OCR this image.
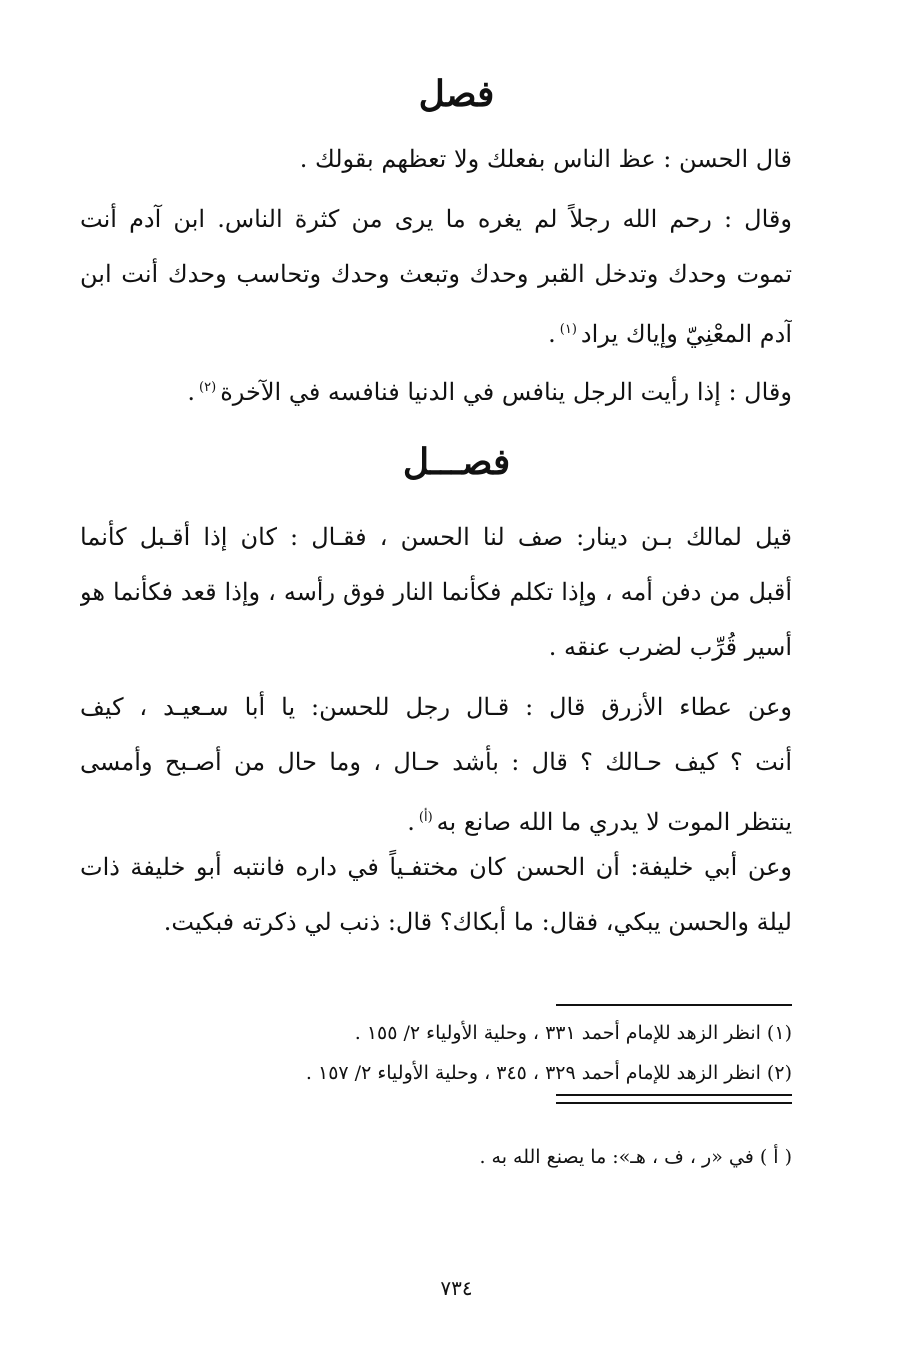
فصل

قال الحسن : عظ الناس بفعلك ولا تعظهم بقولك .

وقال : رحم الله رجلاً لم يغره ما يرى من كثرة الناس. ابن آدم أنت
تموت وحدك وتدخل القبر وحدك وتبعث وحدك وتحاسب وحدك أنت ابن
آدم المعْنِيّ وإياك يراد$^{(١)}$.

وقال : إذا رأيت الرجل ينافس في الدنيا فنافسه في الآخرة$^{(٢)}$.

فصـــل

قيل لمالك بـن دينار: صف لنا الحسن ، فقـال : كان إذا أقـبل كأنما
أقبل من دفن أمه ، وإذا تكلم فكأنما النار فوق رأسه ، وإذا قعد فكأنما هو
أسير قُرِّب لضرب عنقه .

وعن عطاء الأزرق قال : قـال رجل للحسن: يا أبا سـعيـد ، كيف
أنت ؟ كيف حـالك ؟ قال : بأشد حـال ، وما حال من أصـبح وأمسى
ينتظر الموت لا يدري ما الله صانع به$^{(أ)}$.

وعن أبي خليفة: أن الحسن كان مختفـياً في داره فانتبه أبو خليفة ذات
ليلة والحسن يبكي، فقال: ما أبكاك؟ قال: ذنب لي ذكرته فبكيت.

(١) انظر الزهد للإمام أحمد ٣٣١ ، وحلية الأولياء ٢/ ١٥٥ .

(٢) انظر الزهد للإمام أحمد ٣٢٩ ، ٣٤٥ ، وحلية الأولياء ٢/ ١٥٧ .

( أ ) في «ر ، ف ، هـ»: ما يصنع الله به .

٧٣٤
